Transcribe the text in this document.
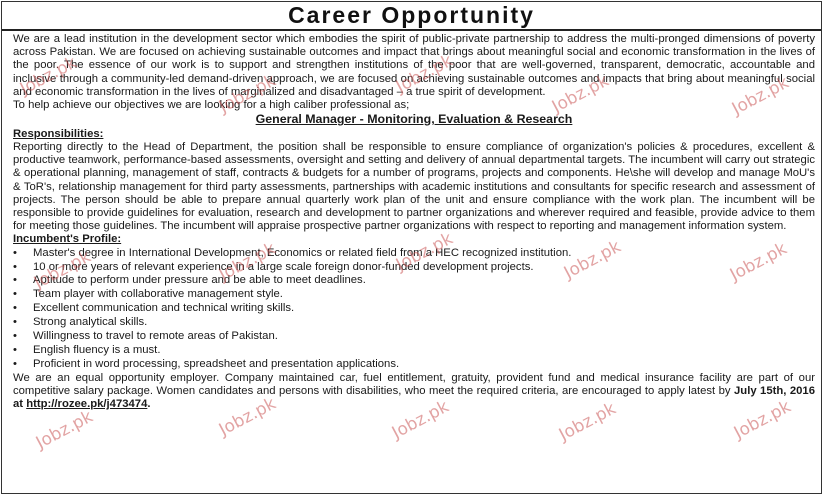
Career Opportunity

We are a lead institution in the development sector which embodies the spirit of public-private partnership to address the multi-pronged dimensions of poverty across Pakistan. We are focused on achieving sustainable outcomes and impact that brings about meaningful social and economic transformation in the lives of the poor. The essence of our work is to support and strengthen institutions of the poor that are well-governed, transparent, democratic, accountable and inclusive through a community-led demand-driven approach, we are focused on achieving sustainable outcomes and impacts that bring about meaningful social and economic transformation in the lives of marginalized and disadvantaged – a true spirit of development.

To help achieve our objectives we are looking for a high caliber professional as;

General Manager - Monitoring, Evaluation & Research
Responsibilities:

Reporting directly to the Head of Department, the position shall be responsible to ensure compliance of organization's policies & procedures, excellent & productive teamwork, performance-based assessments, oversight and setting and delivery of annual departmental targets. The incumbent will carry out strategic & operational planning, management of staff, contracts & budgets for a number of programs, projects and components. He\she will develop and manage MoU's & ToR's, relationship management for third party assessments, partnerships with academic institutions and consultants for specific research and assessment of projects. The person should be able to prepare annual quarterly work plan of the unit and ensure compliance with the work plan. The incumbent will be responsible to provide guidelines for evaluation, research and development to partner organizations and wherever required and feasible, provide advice to them for meeting those guidelines. The incumbent will appraise prospective partner organizations with respect to reporting and management information system.

Incumbent's Profile:
• Master's degree in International Development, Economics or related field from a HEC recognized institution.
• 10 or more years of relevant experience in a large scale foreign donor-funded development projects.
• Aptitude to perform under pressure and be able to meet deadlines.
• Team player with collaborative management style.
• Excellent communication and technical writing skills.
• Strong analytical skills.
• Willingness to travel to remote areas of Pakistan.
• English fluency is a must.
• Proficient in word processing, spreadsheet and presentation applications.

We are an equal opportunity employer. Company maintained car, fuel entitlement, gratuity, provident fund and medical insurance facility are part of our competitive salary package. Women candidates and persons with disabilities, who meet the required criteria, are encouraged to apply latest by July 15th, 2016 at http://rozee.pk/j473474.

Jobz.pk	Jobz.pk	Jobz.pk	Jobz.pk	Jobz.pk
Jobz.pk	Jobz.pk	Jobz.pk	Jobz.pk	Jobz.pk
Jobz.pk	Jobz.pk	Jobz.pk	Jobz.pk	Jobz.pk
